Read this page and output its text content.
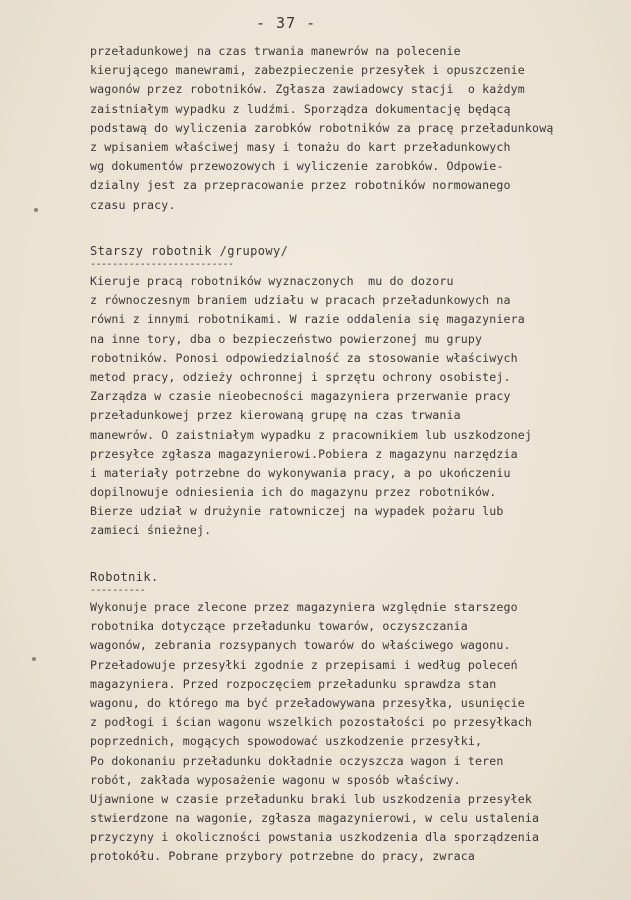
- 37 -
przeładunkowej na czas trwania manewrów na polecenie
kierującego manewrami, zabezpieczenie przesyłek i opuszczenie
wagonów przez robotników. Zgłasza zawiadowcy stacji  o każdym
zaistniałym wypadku z ludźmi. Sporządza dokumentację będącą
podstawą do wyliczenia zarobków robotników za pracę przeładunkową
z wpisaniem właściwej masy i tonażu do kart przeładunkowych
wg dokumentów przewozowych i wyliczenie zarobków. Odpowie-
dzialny jest za przepracowanie przez robotników normowanego
czasu pracy.
Starszy robotnik /grupowy/
--------------------------
Kieruje pracą robotników wyznaczonych  mu do dozoru
z równoczesnym braniem udziału w pracach przeładunkowych na
równi z innymi robotnikami. W razie oddalenia się magazyniera
na inne tory, dba o bezpieczeństwo powierzonej mu grupy
robotników. Ponosi odpowiedzialność za stosowanie właściwych
metod pracy, odzieży ochronnej i sprzętu ochrony osobistej.
Zarządza w czasie nieobecności magazyniera przerwanie pracy
przeładunkowej przez kierowaną grupę na czas trwania
manewrów. O zaistniałym wypadku z pracownikiem lub uszkodzonej
przesyłce zgłasza magazynierowi.Pobiera z magazynu narzędzia
i materiały potrzebne do wykonywania pracy, a po ukończeniu
dopilnowuje odniesienia ich do magazynu przez robotników.
Bierze udział w drużynie ratowniczej na wypadek pożaru lub
zamieci śnieżnej.
Robotnik.
----------
Wykonuje prace zlecone przez magazyniera względnie starszego
robotnika dotyczące przeładunku towarów, oczyszczania
wagonów, zebrania rozsypanych towarów do właściwego wagonu.
Przeładowuje przesyłki zgodnie z przepisami i według poleceń
magazyniera. Przed rozpoczęciem przeładunku sprawdza stan
wagonu, do którego ma być przeładowywana przesyłka, usunięcie
z podłogi i ścian wagonu wszelkich pozostałości po przesyłkach
poprzednich, mogących spowodować uszkodzenie przesyłki,
Po dokonaniu przeładunku dokładnie oczyszcza wagon i teren
robót, zakłada wyposażenie wagonu w sposób właściwy.
Ujawnione w czasie przeładunku braki lub uszkodzenia przesyłek
stwierdzone na wagonie, zgłasza magazynierowi, w celu ustalenia
przyczyny i okoliczności powstania uszkodzenia dla sporządzenia
protokółu. Pobrane przybory potrzebne do pracy, zwraca
